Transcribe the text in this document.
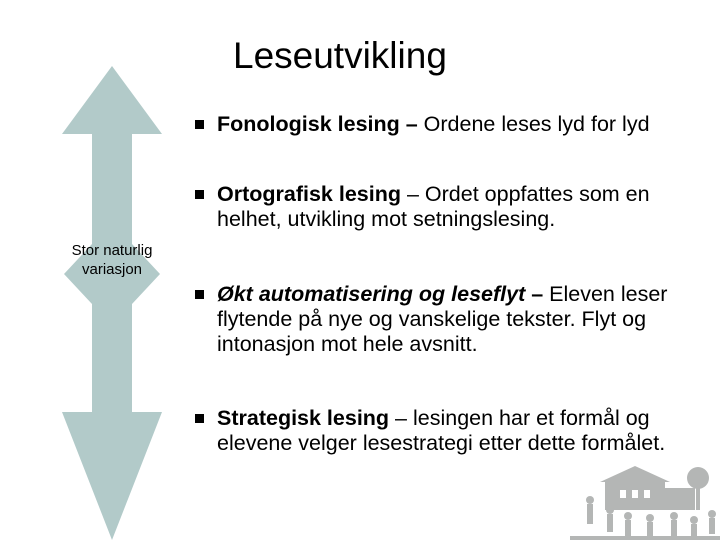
Leseutvikling
Stor naturlig variasjon
Fonologisk lesing – Ordene leses lyd for lyd
Ortografisk lesing – Ordet oppfattes som en helhet, utvikling mot setningslesing.
Økt automatisering og leseflyt – Eleven leser flytende på nye og vanskelige tekster. Flyt og intonasjon mot hele avsnitt.
Strategisk lesing – lesingen har et formål og elevene velger lesestrategi etter dette formålet.
